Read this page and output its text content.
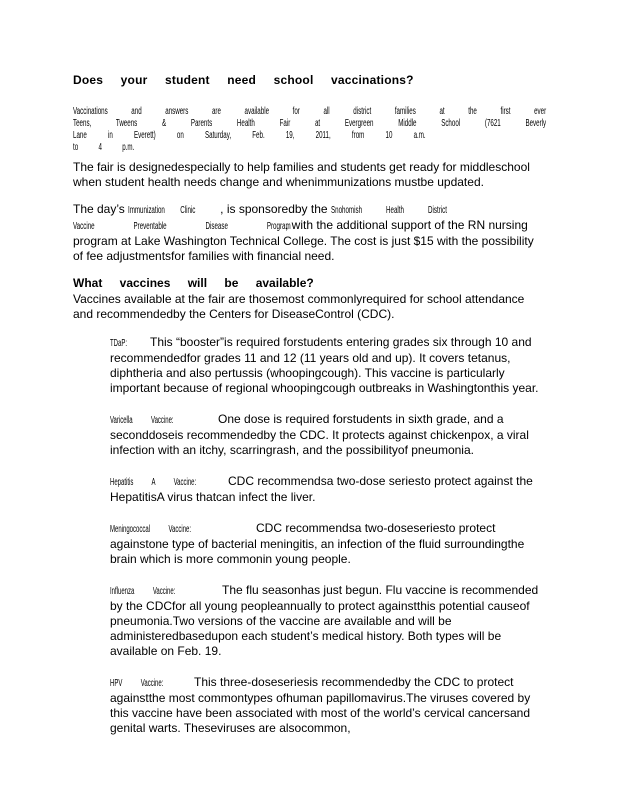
Does your student need school vaccinations?
Vaccinations and answers are available for all district families at the first ever
Teens, Tweens & Parents Health Fair at Evergreen Middle School (7621 Beverly
Lane in Everett) on Saturday, Feb. 19, 2011, from 10 a.m. to 4 p.m.

The fair is designedespecially to help families and students get ready for middleschool when student health needs change and whenimmunizations mustbe updated.

The day’s Immunization Clinic , is sponsoredby the Snohomish Health District
Vaccine Preventable Disease Program, with the additional support of the RN nursing program at Lake Washington Technical College. The cost is just $15 with the possibility of fee adjustmentsfor families with financial need.

What vaccines will be available?

Vaccines available at the fair are thosemost commonlyrequired for school attendance and recommendedby the Centers for DiseaseControl (CDC).

TDaP: This “booster”is required forstudents entering grades six through 10 and recommendedfor grades 11 and 12 (11 years old and up). It covers tetanus, diphtheria and also pertussis (whoopingcough). This vaccine is particularly important because of regional whoopingcough outbreaks in Washingtonthis year.
Varicella Vaccine:	One dose is required forstudents in sixth grade, and a seconddoseis recommendedby the CDC. It protects against chickenpox, a viral infection with an itchy, scarringrash, and the possibilityof pneumonia.
Hepatitis A Vaccine:	CDC recommendsa two-dose seriesto protect against the HepatitisA virus thatcan infect the liver.
Meningococcal Vaccine:	CDC recommendsa two-doseseriesto protect againstone type of bacterial meningitis, an infection of the fluid surroundingthe brain which is more commonin young people.
Influenza Vaccine:	The flu seasonhas just begun. Flu vaccine is recommended by the CDCfor all young peopleannually to protect againstthis potential causeof pneumonia.Two versions of the vaccine are available and will be administeredbasedupon each student’s medical history. Both types will be available on Feb. 19.
HPV Vaccine:	This three-doseseriesis recommendedby the CDC to protect againstthe most commontypes ofhuman papillomavirus.The viruses covered by this vaccine have been associated with most of the world’s cervical cancersand genital warts. Theseviruses are alsocommon,
